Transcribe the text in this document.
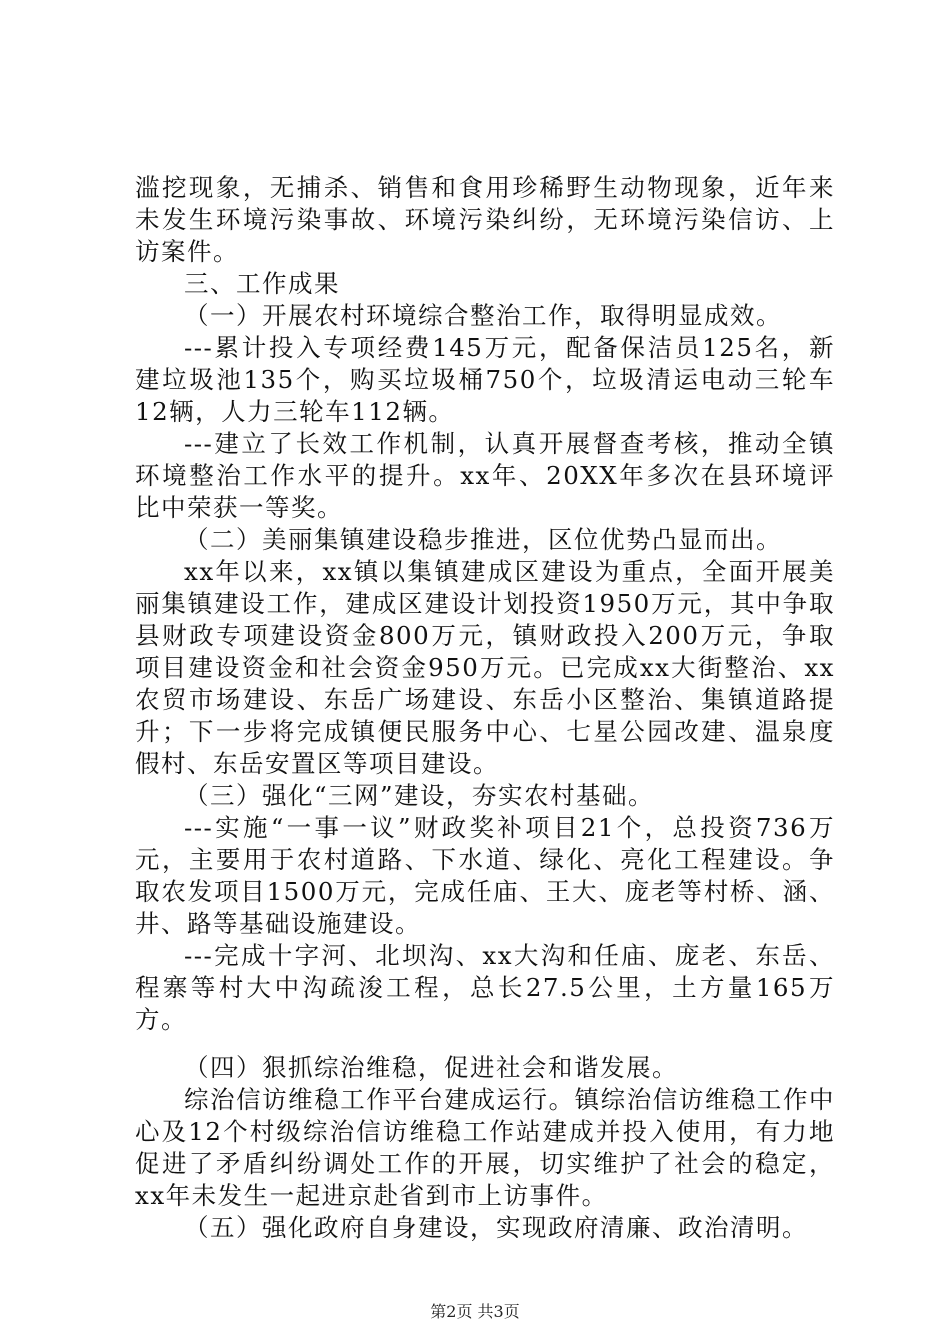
滥挖现象，无捕杀、销售和食用珍稀野生动物现象，近年来未发生环境污染事故、环境污染纠纷，无环境污染信访、上访案件。

三、工作成果

（一）开展农村环境综合整治工作，取得明显成效。

---累计投入专项经费145万元，配备保洁员125名，新建垃圾池135个，购买垃圾桶750个，垃圾清运电动三轮车12辆，人力三轮车112辆。

---建立了长效工作机制，认真开展督查考核，推动全镇环境整治工作水平的提升。xx年、20XX年多次在县环境评比中荣获一等奖。

（二）美丽集镇建设稳步推进，区位优势凸显而出。

xx年以来，xx镇以集镇建成区建设为重点，全面开展美丽集镇建设工作，建成区建设计划投资1950万元，其中争取县财政专项建设资金800万元，镇财政投入200万元，争取项目建设资金和社会资金950万元。已完成xx大街整治、xx农贸市场建设、东岳广场建设、东岳小区整治、集镇道路提升；下一步将完成镇便民服务中心、七星公园改建、温泉度假村、东岳安置区等项目建设。

（三）强化“三网”建设，夯实农村基础。

---实施“一事一议”财政奖补项目21个，总投资736万元，主要用于农村道路、下水道、绿化、亮化工程建设。争取农发项目1500万元，完成任庙、王大、庞老等村桥、涵、井、路等基础设施建设。

---完成十字河、北坝沟、xx大沟和任庙、庞老、东岳、程寨等村大中沟疏浚工程，总长27.5公里，土方量165万方。

（四）狠抓综治维稳，促进社会和谐发展。

综治信访维稳工作平台建成运行。镇综治信访维稳工作中心及12个村级综治信访维稳工作站建成并投入使用，有力地促进了矛盾纠纷调处工作的开展，切实维护了社会的稳定，xx年未发生一起进京赴省到市上访事件。

（五）强化政府自身建设，实现政府清廉、政治清明。

第2页 共3页
